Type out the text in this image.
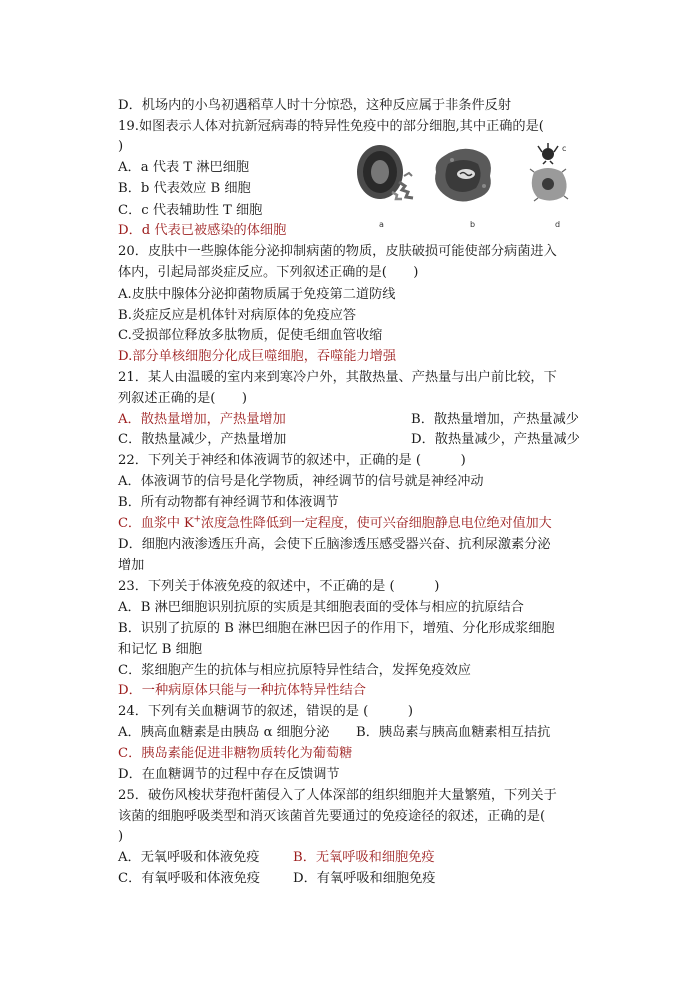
D．机场内的小鸟初遇稻草人时十分惊恐，这种反应属于非条件反射
19.如图表示人体对抗新冠病毒的特异性免疫中的部分细胞,其中正确的是(
)
A．a 代表 T 淋巴细胞
B．b 代表效应 B 细胞
C．c 代表辅助性 T 细胞
D．d 代表已被感染的体细胞	a	b
c
d
20．皮肤中一些腺体能分泌抑制病菌的物质，皮肤破损可能使部分病菌进入
体内，引起局部炎症反应。下列叙述正确的是(　　)
A.皮肤中腺体分泌抑菌物质属于免疫第二道防线
B.炎症反应是机体针对病原体的免疫应答
C.受损部位释放多肽物质，促使毛细血管收缩
D.部分单核细胞分化成巨噬细胞，吞噬能力增强
21．某人由温暖的室内来到寒冷户外，其散热量、产热量与出户前比较，下
列叙述正确的是(　　)
A．散热量增加，产热量增加	B．散热量增加，产热量减少
C．散热量减少，产热量增加	D．散热量减少，产热量减少
22．下列关于神经和体液调节的叙述中，正确的是 (　　　)
A．体液调节的信号是化学物质，神经调节的信号就是神经冲动
B．所有动物都有神经调节和体液调节
C．血浆中 K+浓度急性降低到一定程度，使可兴奋细胞静息电位绝对值加大
D．细胞内液渗透压升高，会使下丘脑渗透压感受器兴奋、抗利尿激素分泌
增加
23．下列关于体液免疫的叙述中，不正确的是 (　　　)
A．B 淋巴细胞识别抗原的实质是其细胞表面的受体与相应的抗原结合
B．识别了抗原的 B 淋巴细胞在淋巴因子的作用下，增殖、分化形成浆细胞
和记忆 B 细胞
C．浆细胞产生的抗体与相应抗原特异性结合，发挥免疫效应
D．一种病原体只能与一种抗体特异性结合
24．下列有关血糖调节的叙述，错误的是 (　　　)
A．胰高血糖素是由胰岛 α 细胞分泌 B．胰岛素与胰高血糖素相互拮抗
C．胰岛素能促进非糖物质转化为葡萄糖
D．在血糖调节的过程中存在反馈调节
25．破伤风梭状芽孢杆菌侵入了人体深部的组织细胞并大量繁殖，下列关于
该菌的细胞呼吸类型和消灭该菌首先要通过的免疫途径的叙述，正确的是(
)
A．无氧呼吸和体液免疫	B．无氧呼吸和细胞免疫
C．有氧呼吸和体液免疫	D．有氧呼吸和细胞免疫
